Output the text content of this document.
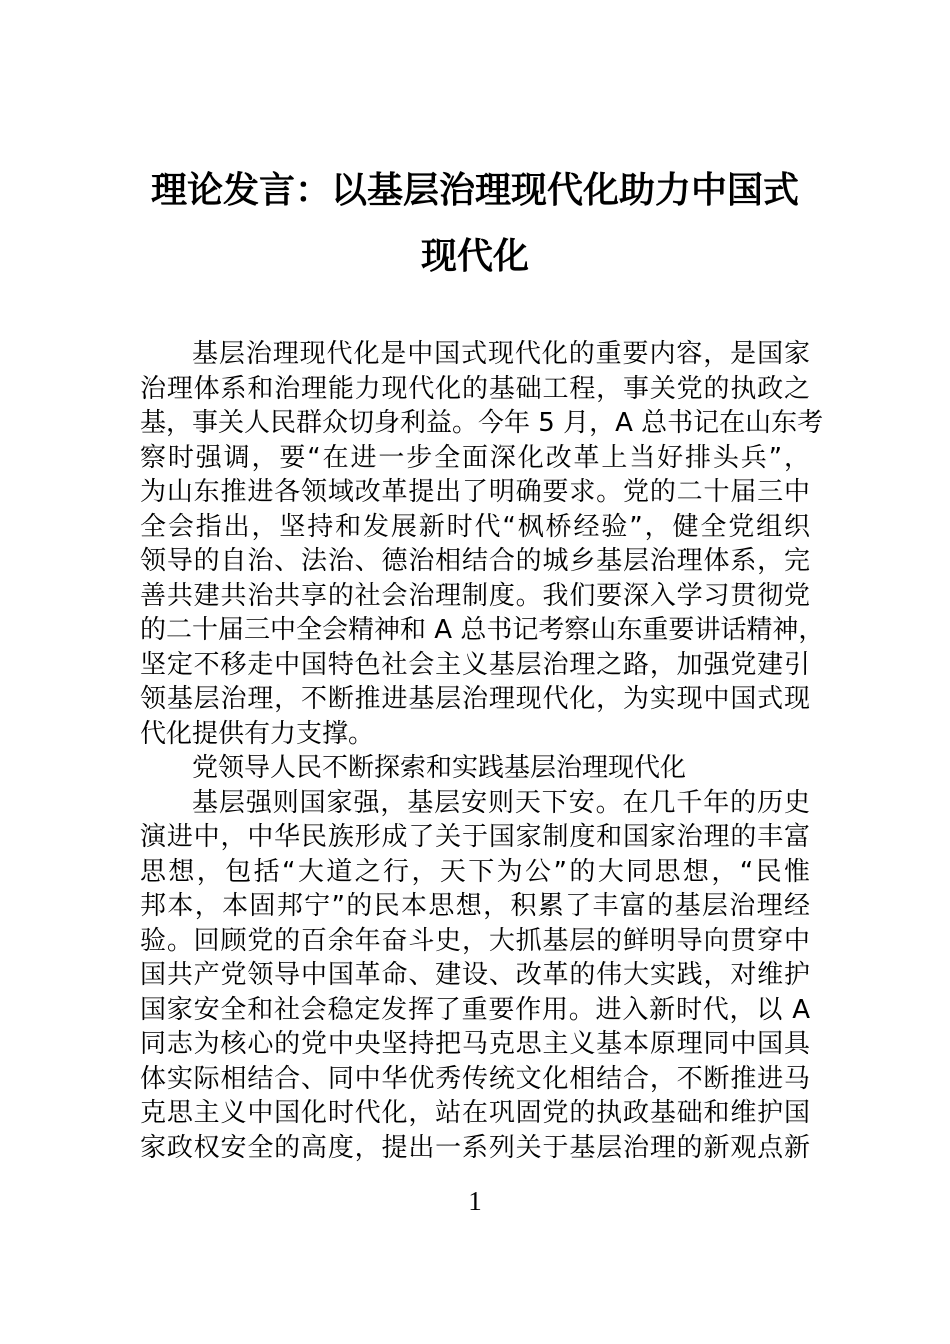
理论发言：以基层治理现代化助力中国式
现代化
基层治理现代化是中国式现代化的重要内容，是国家
治理体系和治理能力现代化的基础工程，事关党的执政之
基，事关人民群众切身利益。今年 5 月，A 总书记在山东考
察时强调，要“在进一步全面深化改革上当好排头兵”，
为山东推进各领域改革提出了明确要求。党的二十届三中
全会指出，坚持和发展新时代“枫桥经验”，健全党组织
领导的自治、法治、德治相结合的城乡基层治理体系，完
善共建共治共享的社会治理制度。我们要深入学习贯彻党
的二十届三中全会精神和 A 总书记考察山东重要讲话精神，
坚定不移走中国特色社会主义基层治理之路，加强党建引
领基层治理，不断推进基层治理现代化，为实现中国式现
代化提供有力支撑。
党领导人民不断探索和实践基层治理现代化
基层强则国家强，基层安则天下安。在几千年的历史
演进中，中华民族形成了关于国家制度和国家治理的丰富
思想，包括“大道之行，天下为公”的大同思想，“民惟
邦本，本固邦宁”的民本思想，积累了丰富的基层治理经
验。回顾党的百余年奋斗史，大抓基层的鲜明导向贯穿中
国共产党领导中国革命、建设、改革的伟大实践，对维护
国家安全和社会稳定发挥了重要作用。进入新时代，以 A
同志为核心的党中央坚持把马克思主义基本原理同中国具
体实际相结合、同中华优秀传统文化相结合，不断推进马
克思主义中国化时代化，站在巩固党的执政基础和维护国
家政权安全的高度，提出一系列关于基层治理的新观点新
1
